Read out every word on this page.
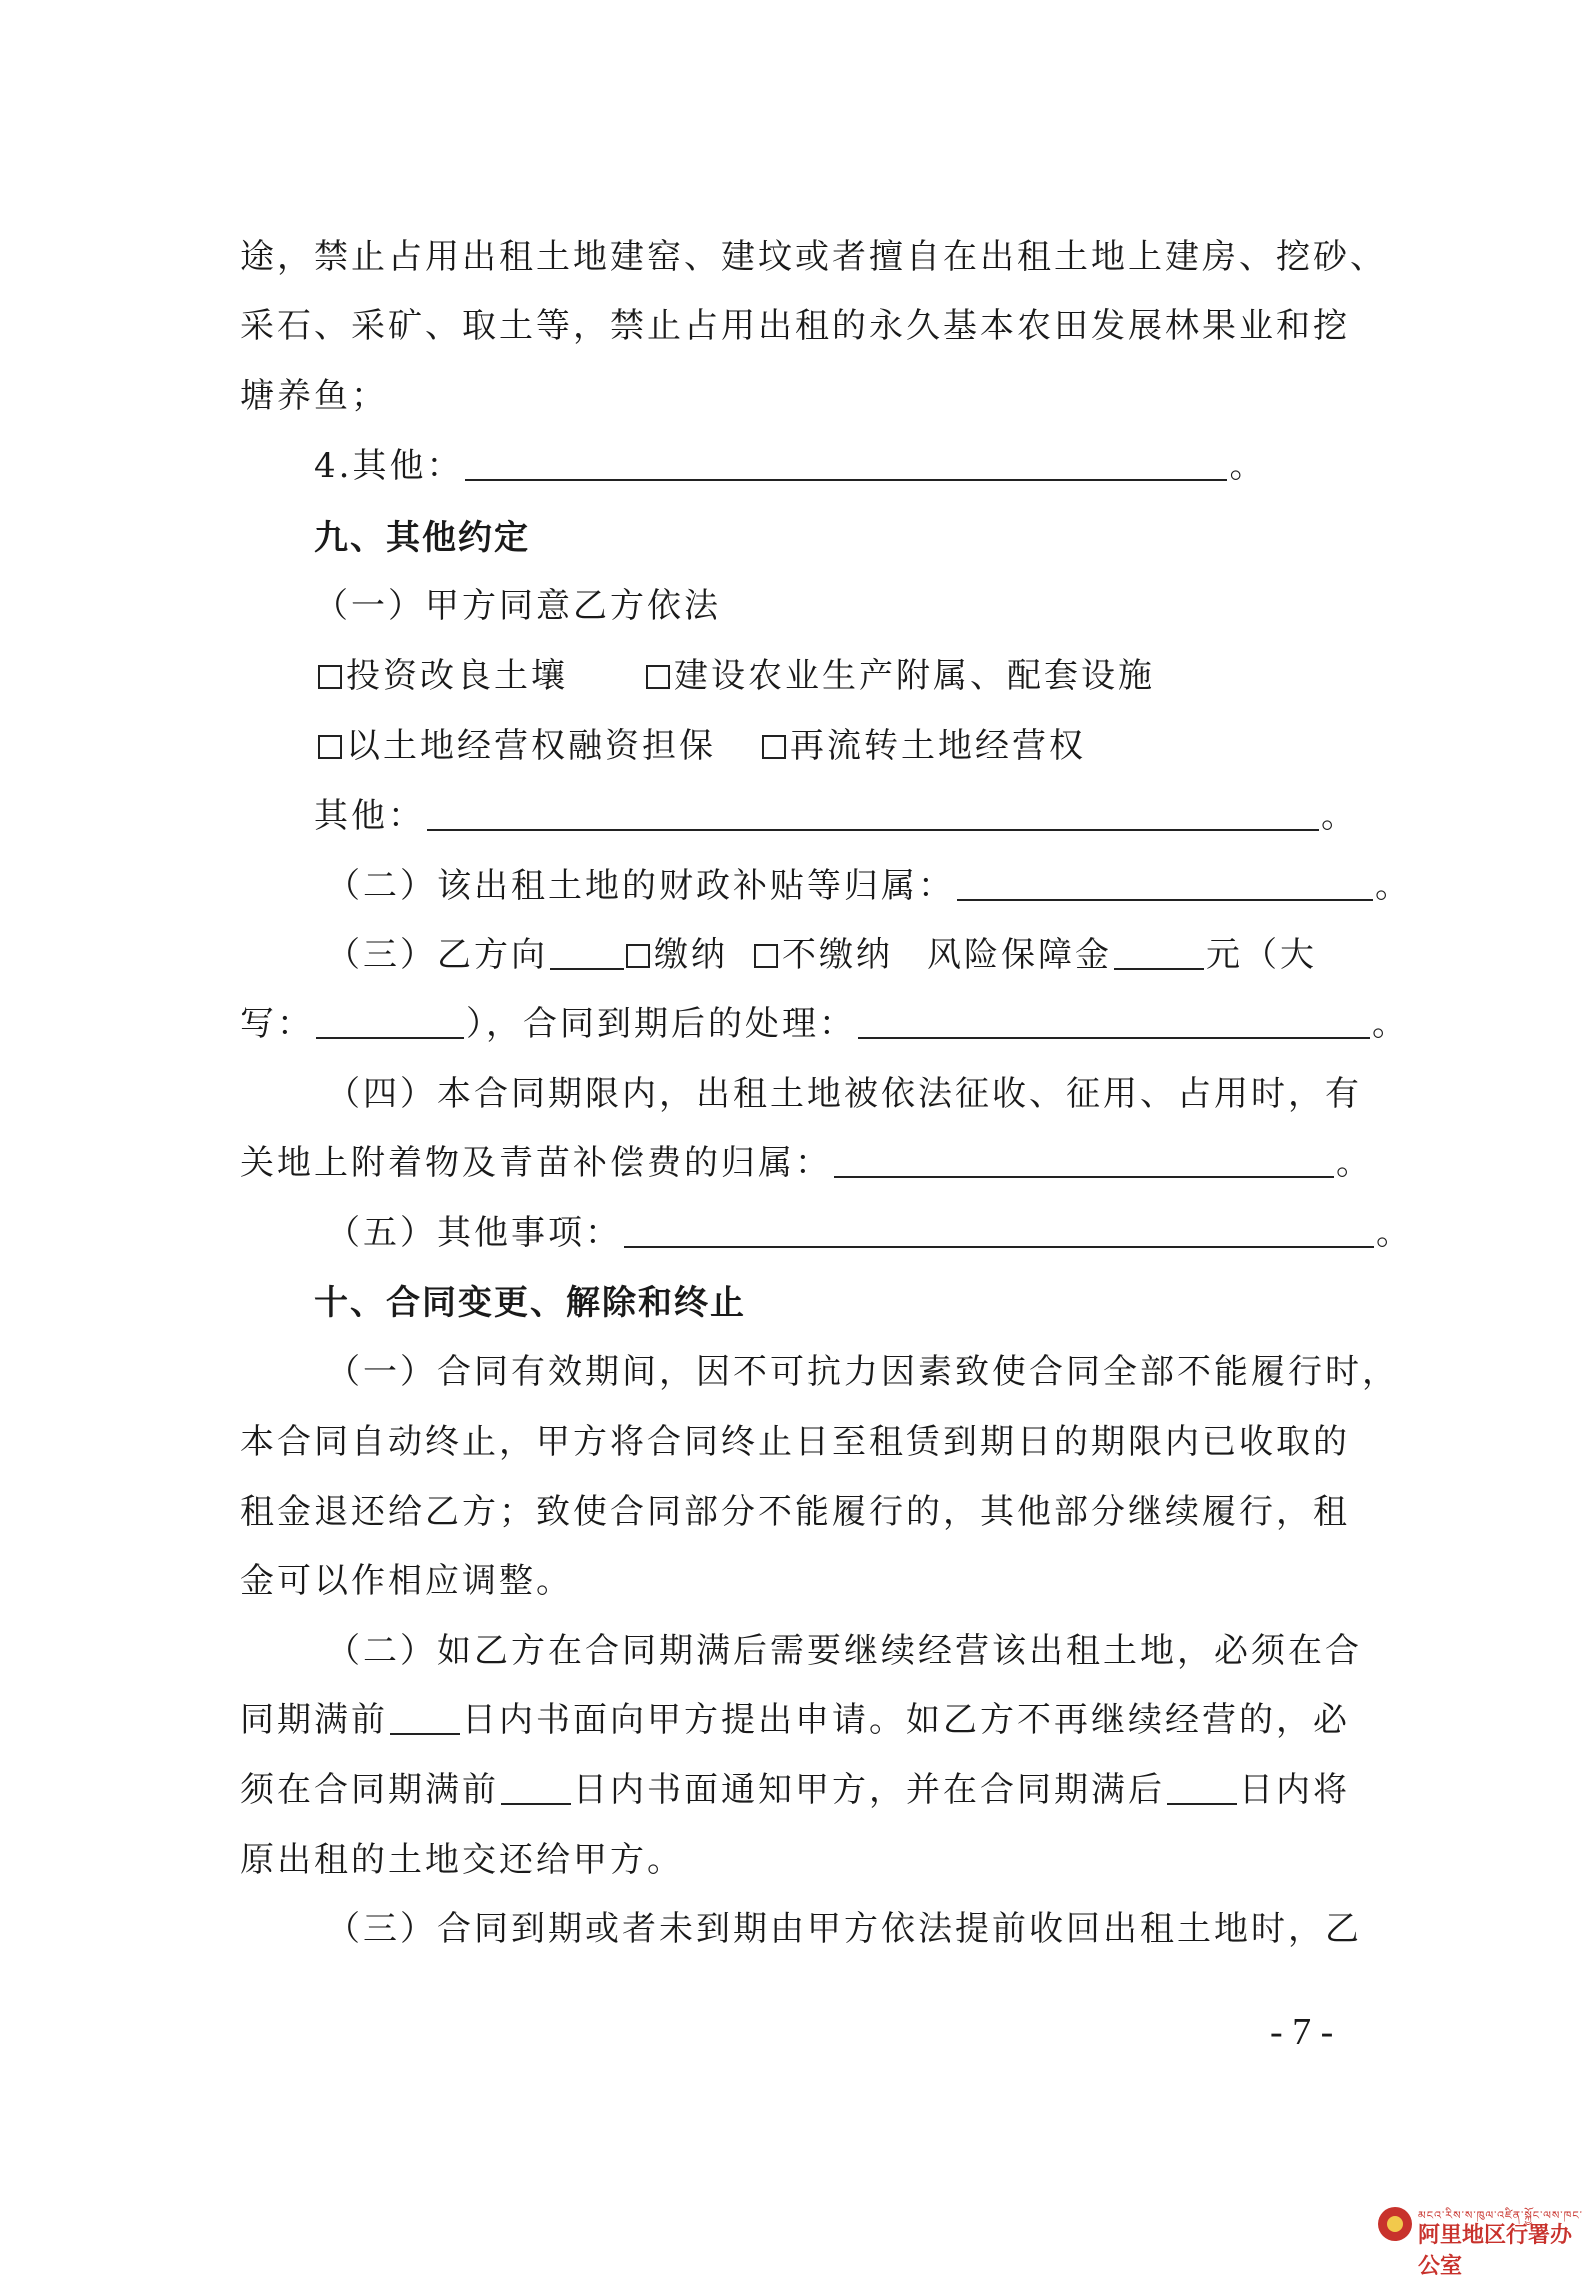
途，禁止占用出租土地建窑、建坟或者擅自在出租土地上建房、挖砂、
采石、采矿、取土等，禁止占用出租的永久基本农田发展林果业和挖
塘养鱼；
4.其他：	。
九、其他约定
（一）甲方同意乙方依法
投资改良土壤	建设农业生产附属、配套设施
以土地经营权融资担保 再流转土地经营权
其他：	。
（二）该出租土地的财政补贴等归属：	。
（三）乙方向	缴纳 不缴纳 风险保障金	元（大
写：	），合同到期后的处理：	。
（四）本合同期限内，出租土地被依法征收、征用、占用时，有
关地上附着物及青苗补偿费的归属：	。
（五）其他事项：	。
十、合同变更、解除和终止
（一）合同有效期间，因不可抗力因素致使合同全部不能履行时，
本合同自动终止，甲方将合同终止日至租赁到期日的期限内已收取的
租金退还给乙方；致使合同部分不能履行的，其他部分继续履行，租
金可以作相应调整。
（二）如乙方在合同期满后需要继续经营该出租土地，必须在合
同期满前 日内书面向甲方提出申请。如乙方不再继续经营的，必
须在合同期满前 日内书面通知甲方，并在合同期满后 日内将
原出租的土地交还给甲方。
（三）合同到期或者未到期由甲方依法提前收回出租土地时，乙
- 7 -
མངའ་རིས་ས་ཁུལ་འཛིན་སྐྱོང་ལས་ཁང་
阿里地区行署办公室
